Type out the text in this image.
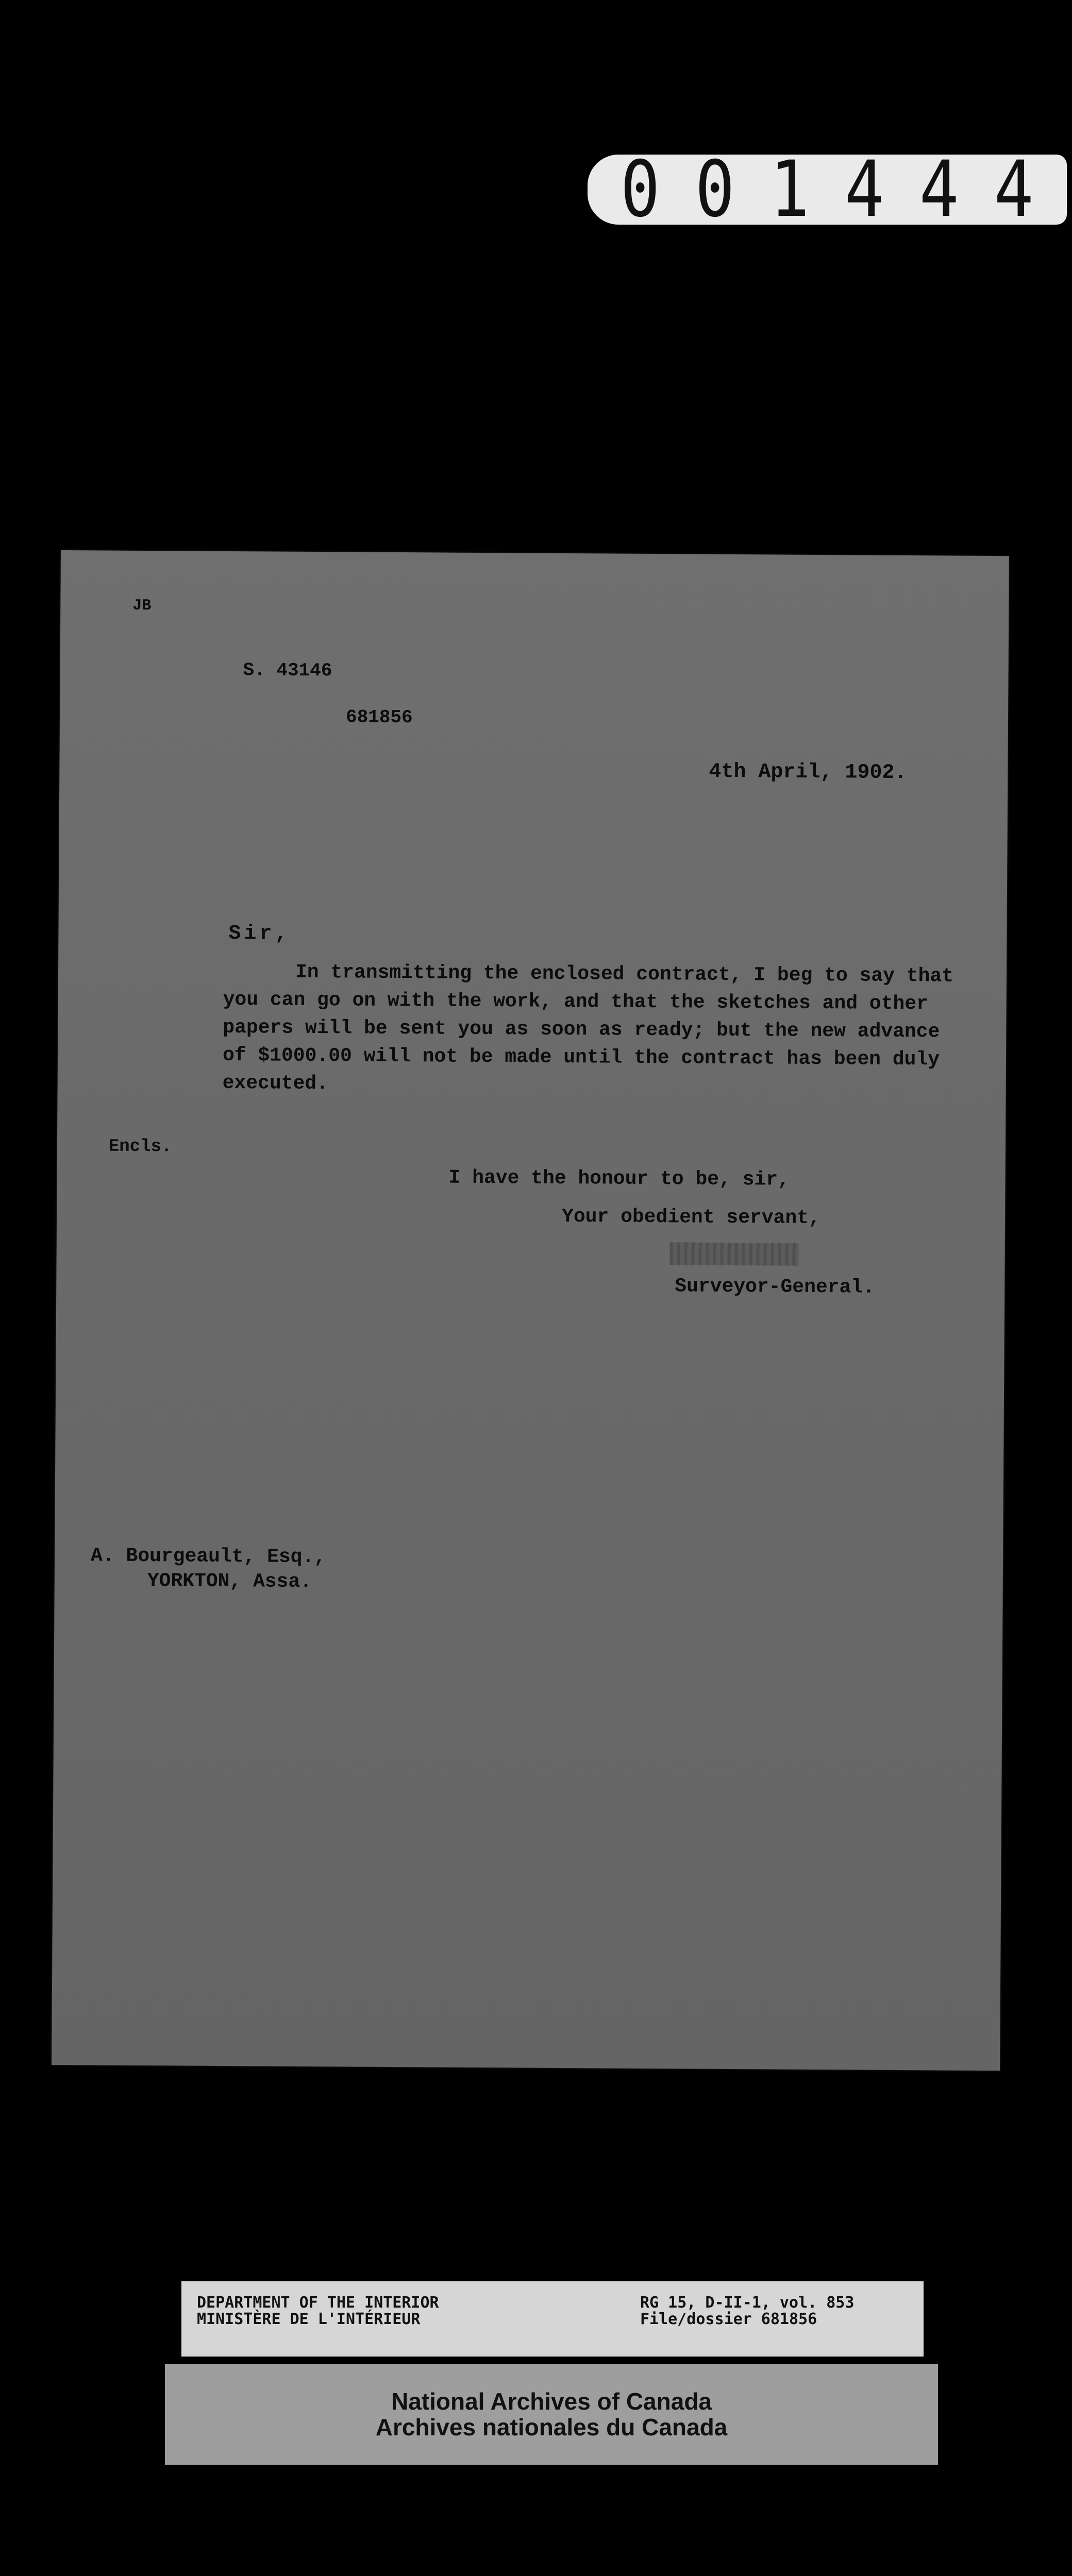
0 0 1 4 4 4
JB
S. 43146
681856
4th April, 1902.
Sir,
In transmitting the enclosed contract, I beg to say that
you can go on with the work, and that the sketches and other
papers will be sent you as soon as ready; but the new advance
of $1000.00 will not be made until the contract has been duly
executed.
Encls.
I have the honour to be, sir,
Your obedient servant,
Surveyor-General.
A. Bourgeault, Esq.,
YORKTON, Assa.
DEPARTMENT OF THE INTERIOR	RG 15, D-II-1, vol. 853
MINISTÈRE DE L'INTÉRIEUR	File/dossier 681856
National Archives of Canada
Archives nationales du Canada
